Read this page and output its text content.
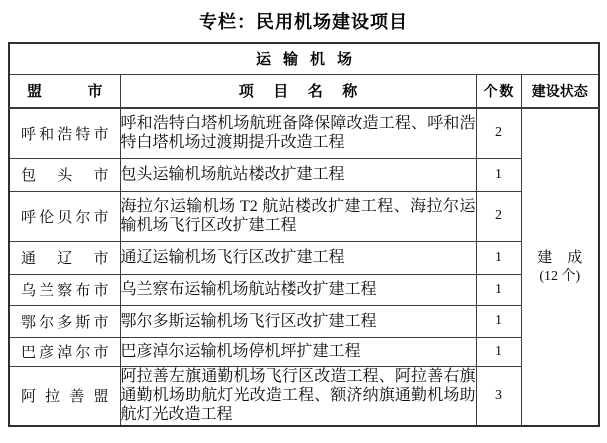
专栏：民用机场建设项目
运输机场			

盟市	项目名称	个数	建设状态

呼和浩特市	呼和浩特白塔机场航班备降保障改造工程、呼和浩特白塔机场过渡期提升改造工程	2	建　成
(12 个)

包头市	包头运输机场航站楼改扩建工程	1	

呼伦贝尔市	海拉尔运输机场 T2 航站楼改扩建工程、海拉尔运输机场飞行区改扩建工程	2	

通辽市	通辽运输机场飞行区改扩建工程	1	

乌兰察布市	乌兰察布运输机场航站楼改扩建工程	1	

鄂尔多斯市	鄂尔多斯运输机场飞行区改扩建工程	1	

巴彦淖尔市	巴彦淖尔运输机场停机坪扩建工程	1	

阿拉善盟	阿拉善左旗通勤机场飞行区改造工程、阿拉善右旗通勤机场助航灯光改造工程、额济纳旗通勤机场助航灯光改造工程	3	
